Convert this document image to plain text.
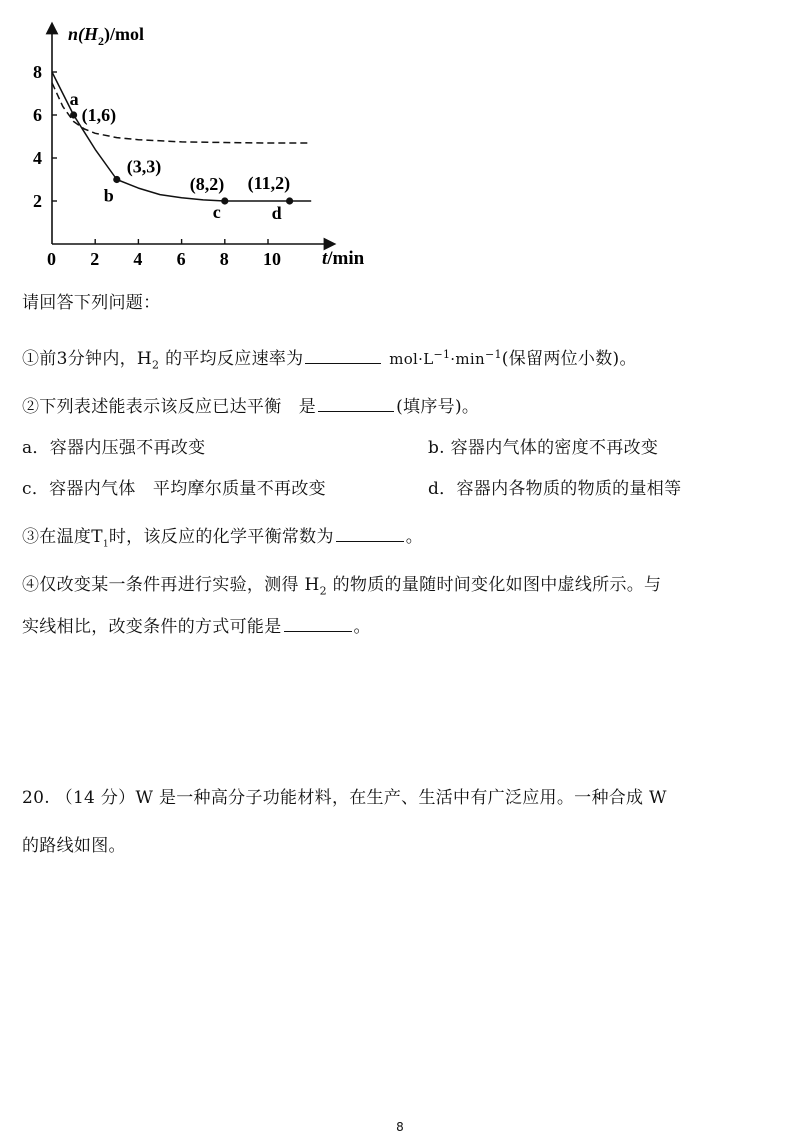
$n(H_2)$/mol
t/min
0 2 4 6 8 10
2
4
6
8
a
(1,6)
b
(3,3)
c
(8,2)
d
(11,2)
请回答下列问题：
①前3分钟内，$H_2$ 的平均反应速率为	$mol\cdot L^{-1}\cdot\min^{-1}$(保留两位小数)。
②下列表述能表示该反应已达平衡　是	(填序号)。
a．容器内压强不再改变	b. 容器内气体的密度不再改变
c．容器内气体　平均摩尔质量不再改变	d．容器内各物质的物质的量相等
③在温度$T_1$时，该反应的化学平衡常数为	。
④仅改变某一条件再进行实验，测得 $H_2$ 的物质的量随时间变化如图中虚线所示。与
实线相比，改变条件的方式可能是	。
20. （14 分）W 是一种高分子功能材料，在生产、生活中有广泛应用。一种合成 W
的路线如图。
8
